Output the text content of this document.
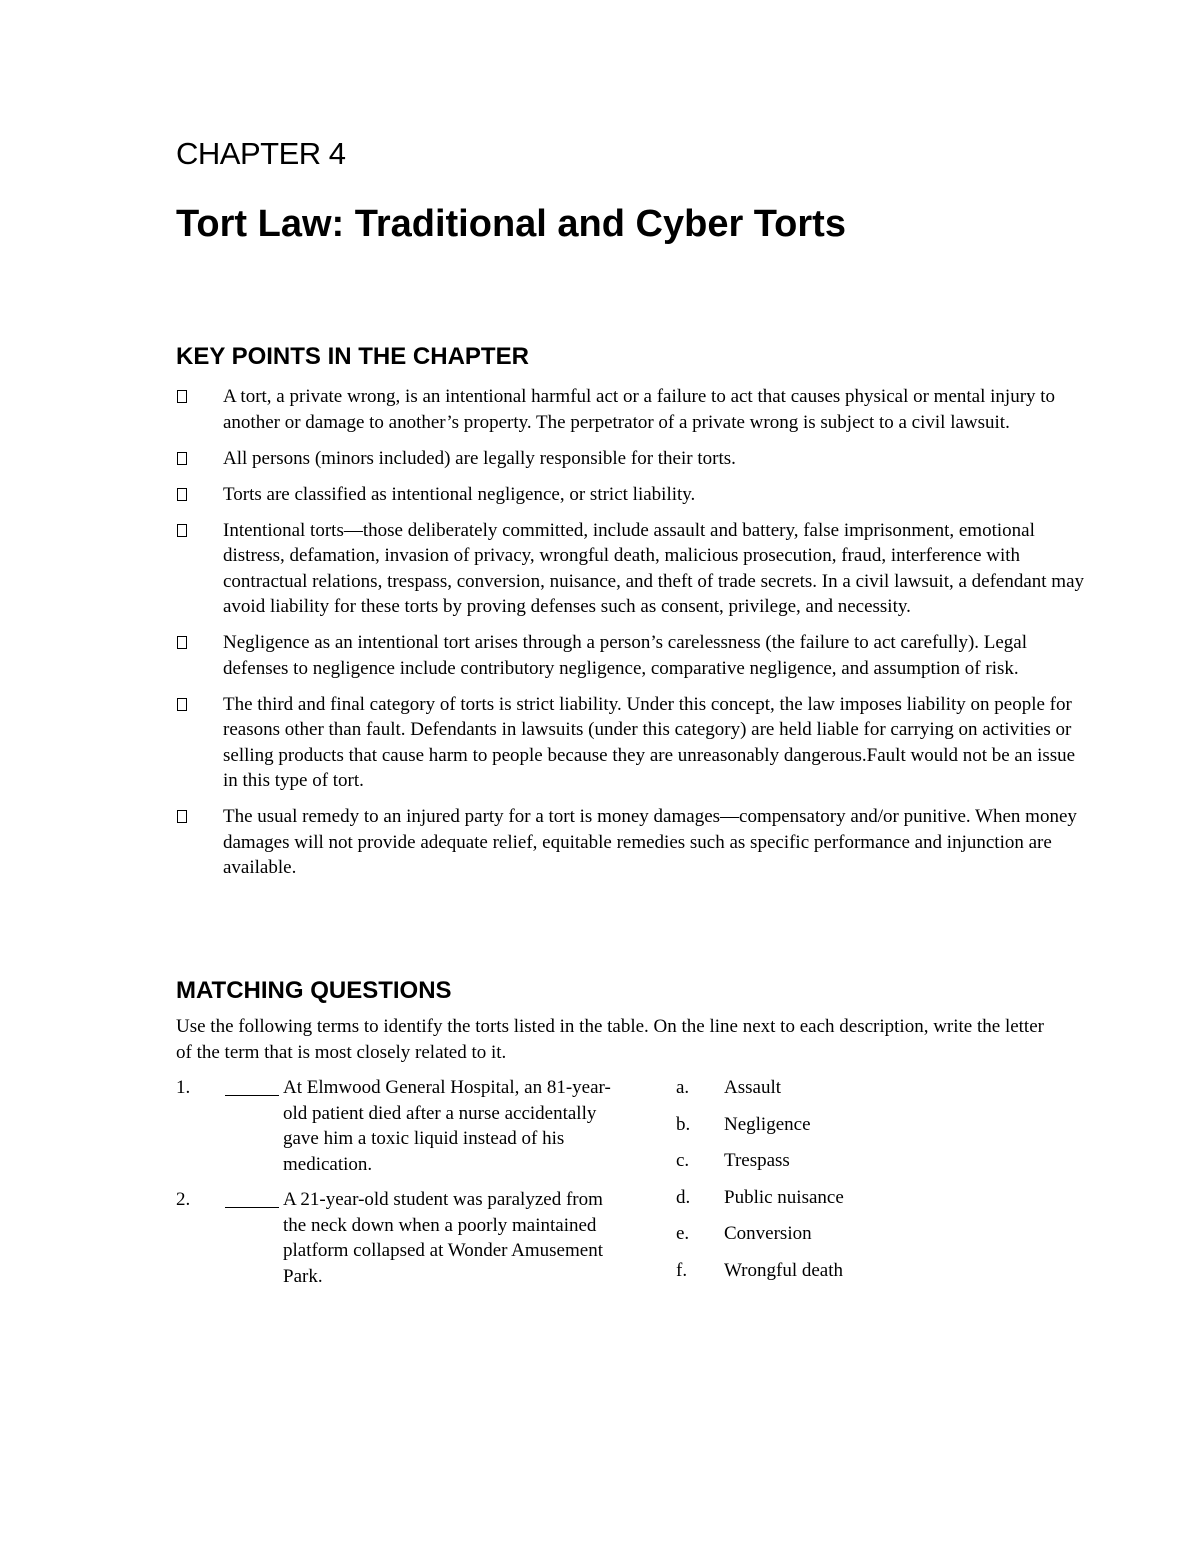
CHAPTER 4
Tort Law: Traditional and Cyber Torts
KEY POINTS IN THE CHAPTER
A tort, a private wrong, is an intentional harmful act or a failure to act that causes physical or mental injury to another or damage to another’s property. The perpetrator of a private wrong is subject to a civil lawsuit.
All persons (minors included) are legally responsible for their torts.
Torts are classified as intentional negligence, or strict liability.
Intentional torts—those deliberately committed, include assault and battery, false imprisonment, emotional distress, defamation, invasion of privacy, wrongful death, malicious prosecution, fraud, interference with contractual relations, trespass, conversion, nuisance, and theft of trade secrets. In a civil lawsuit, a defendant may avoid liability for these torts by proving defenses such as consent, privilege, and necessity.
Negligence as an intentional tort arises through a person’s carelessness (the failure to act carefully). Legal defenses to negligence include contributory negligence, comparative negligence, and assumption of risk.
The third and final category of torts is strict liability. Under this concept, the law imposes liability on people for reasons other than fault. Defendants in lawsuits (under this category) are held liable for carrying on activities or selling products that cause harm to people because they are unreasonably dangerous.Fault would not be an issue in this type of tort.
The usual remedy to an injured party for a tort is money damages—compensatory and/or punitive. When money damages will not provide adequate relief, equitable remedies such as specific performance and injunction are available.
MATCHING QUESTIONS

Use the following terms to identify the torts listed in the table. On the line next to each description, write the letter of the term that is most closely related to it.

1.	At Elmwood General Hospital, an 81-year-old patient died after a nurse accidentally gave him a toxic liquid instead of his medication.
2.	A 21-year-old student was paralyzed from the neck down when a poorly maintained platform collapsed at Wonder Amusement Park.
a. Assault
b. Negligence
c. Trespass
d. Public nuisance
e. Conversion
f. Wrongful death
